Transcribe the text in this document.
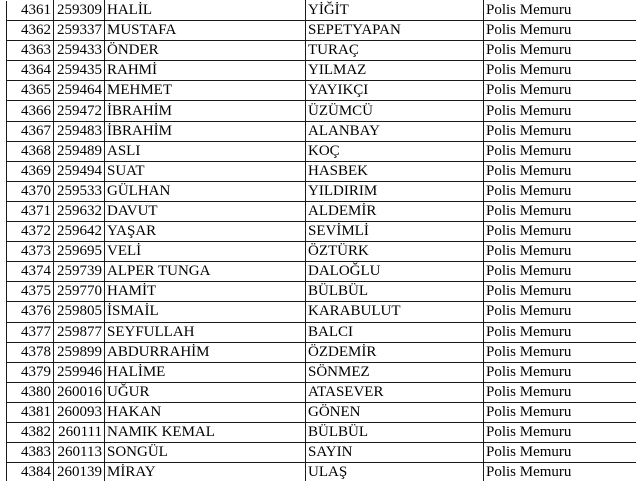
4361	259309	HALİL	YİĞİT	Polis Memuru
4362	259337	MUSTAFA	SEPETYAPAN	Polis Memuru
4363	259433	ÖNDER	TURAÇ	Polis Memuru
4364	259435	RAHMİ	YILMAZ	Polis Memuru
4365	259464	MEHMET	YAYIKÇI	Polis Memuru
4366	259472	İBRAHİM	ÜZÜMCÜ	Polis Memuru
4367	259483	İBRAHİM	ALANBAY	Polis Memuru
4368	259489	ASLI	KOÇ	Polis Memuru
4369	259494	SUAT	HASBEK	Polis Memuru
4370	259533	GÜLHAN	YILDIRIM	Polis Memuru
4371	259632	DAVUT	ALDEMİR	Polis Memuru
4372	259642	YAŞAR	SEVİMLİ	Polis Memuru
4373	259695	VELİ	ÖZTÜRK	Polis Memuru
4374	259739	ALPER TUNGA	DALOĞLU	Polis Memuru
4375	259770	HAMİT	BÜLBÜL	Polis Memuru
4376	259805	İSMAİL	KARABULUT	Polis Memuru
4377	259877	SEYFULLAH	BALCI	Polis Memuru
4378	259899	ABDURRAHİM	ÖZDEMİR	Polis Memuru
4379	259946	HALİME	SÖNMEZ	Polis Memuru
4380	260016	UĞUR	ATASEVER	Polis Memuru
4381	260093	HAKAN	GÖNEN	Polis Memuru
4382	260111	NAMIK KEMAL	BÜLBÜL	Polis Memuru
4383	260113	SONGÜL	SAYIN	Polis Memuru
4384	260139	MİRAY	ULAŞ	Polis Memuru
